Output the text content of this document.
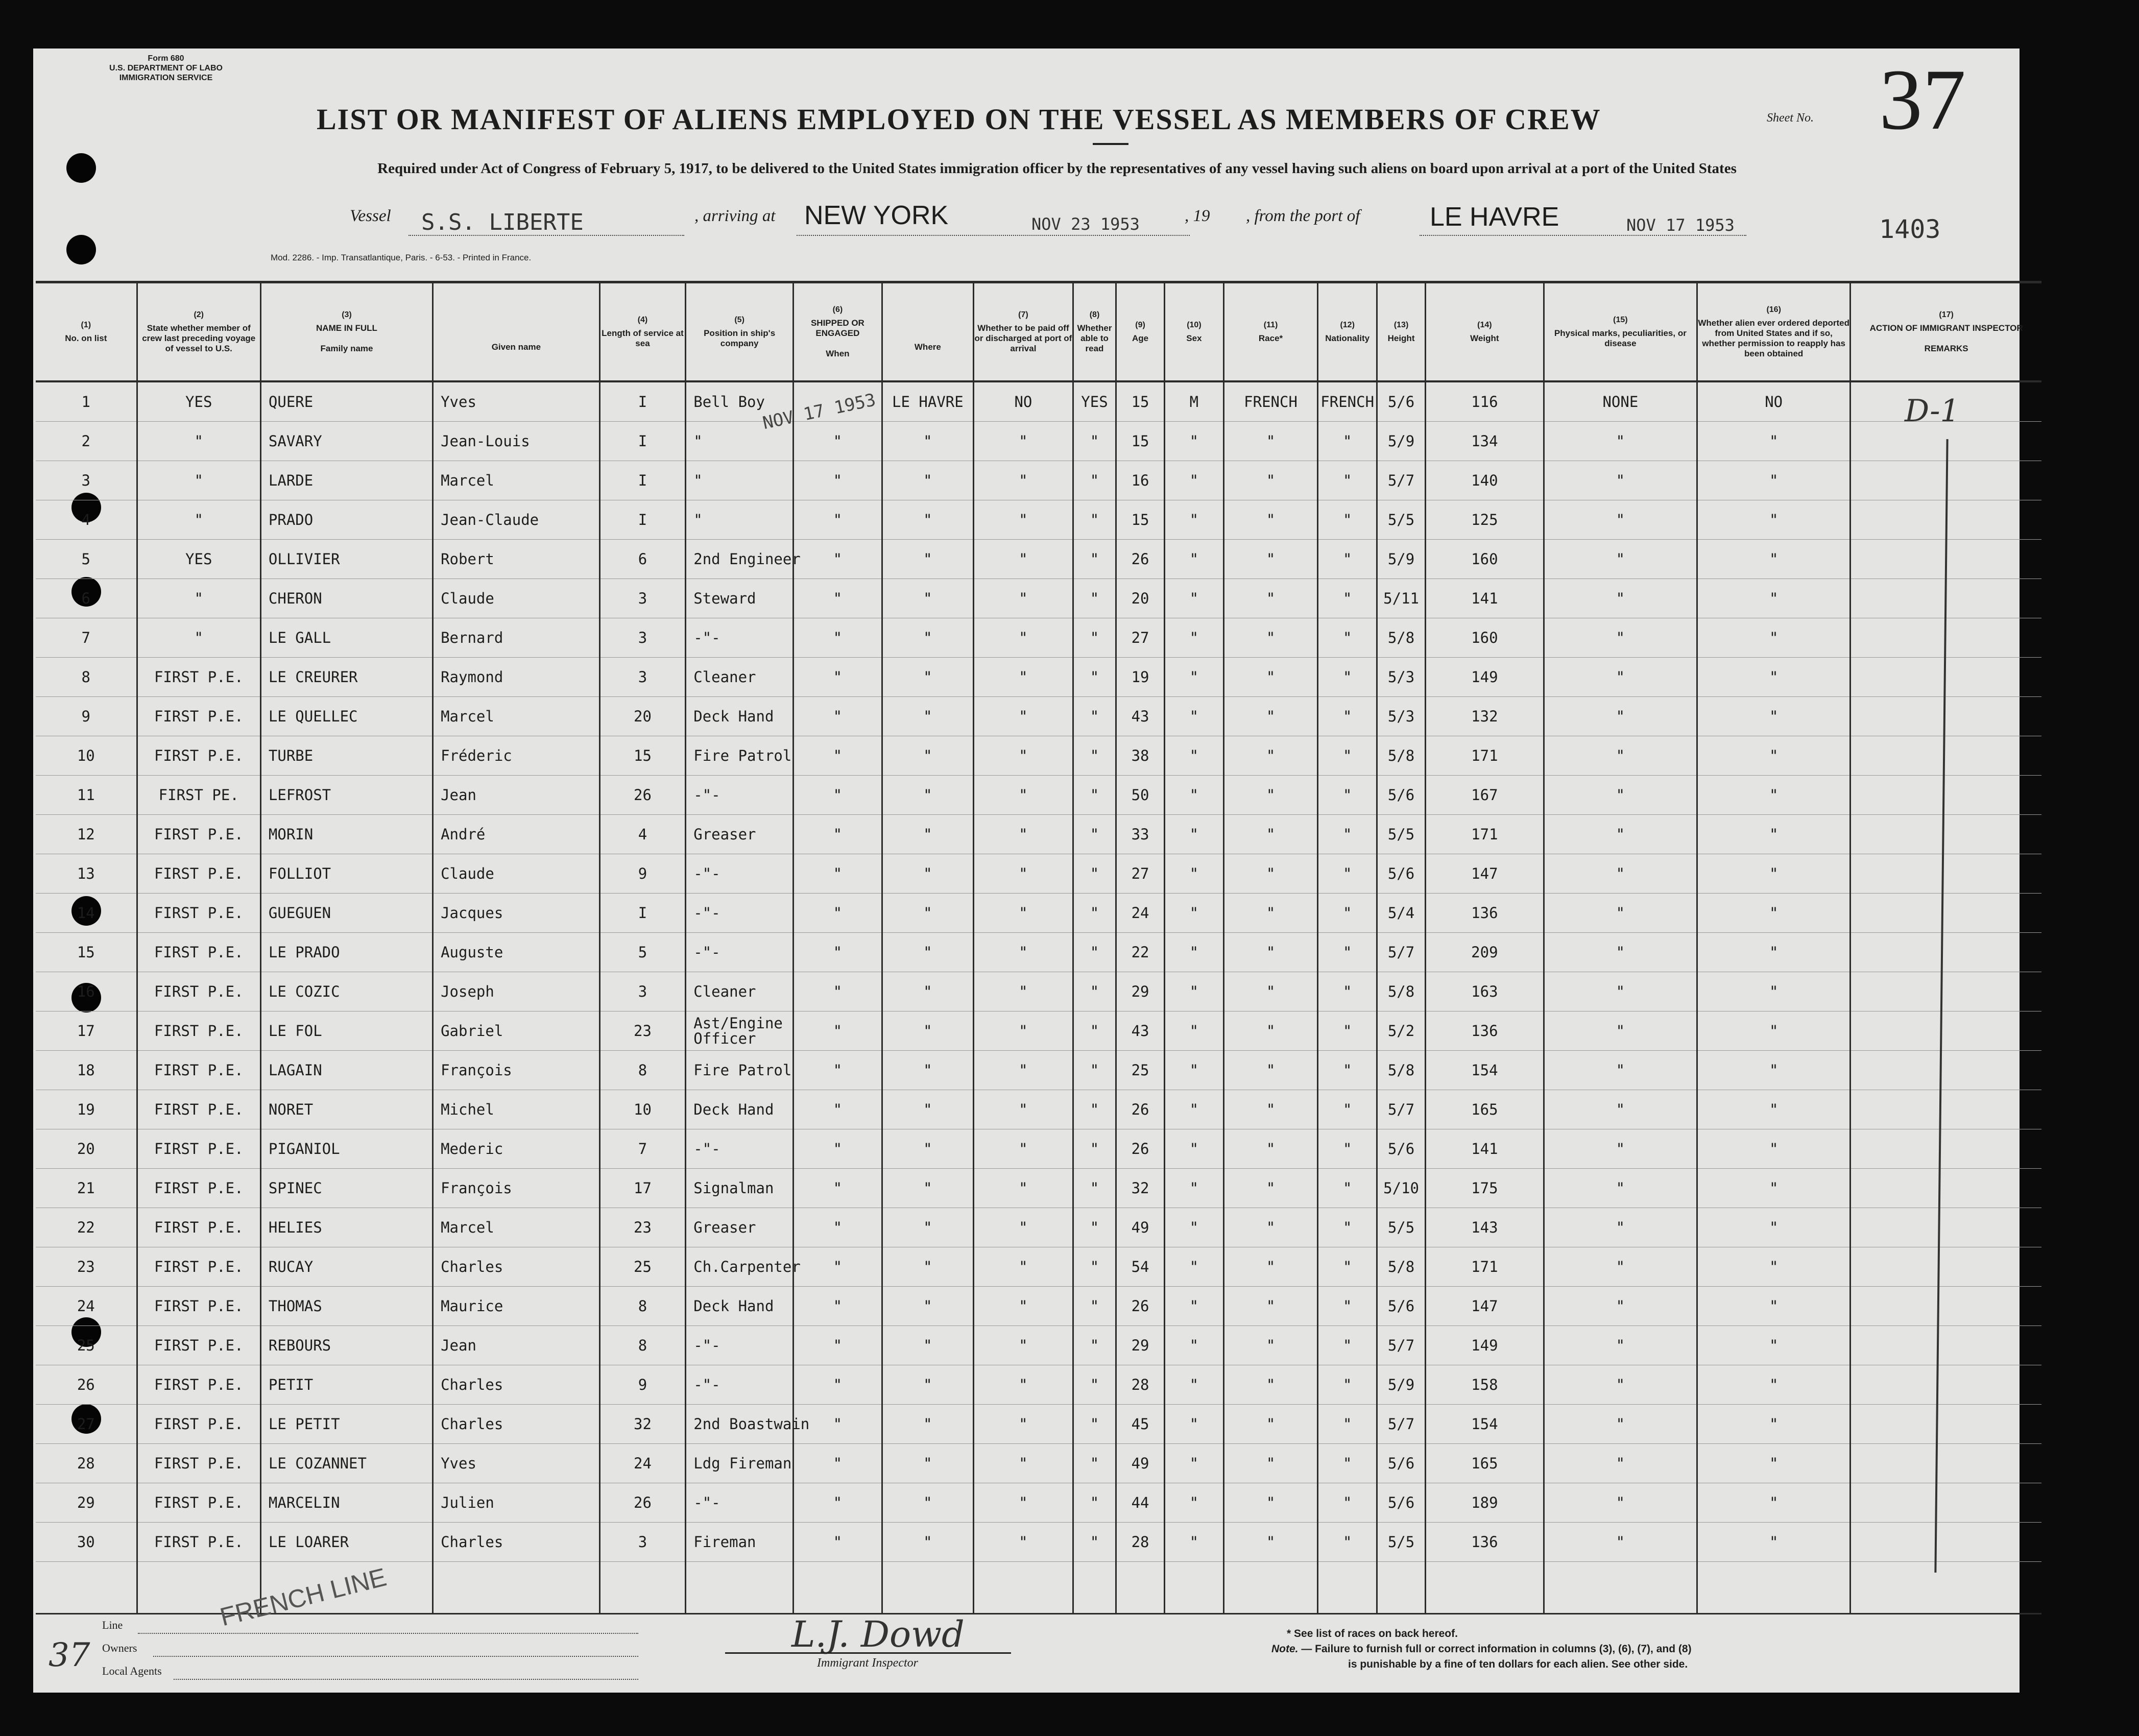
Form 680
U.S. DEPARTMENT OF LABO
IMMIGRATION SERVICE
LIST OR MANIFEST OF ALIENS EMPLOYED ON THE VESSEL AS MEMBERS OF CREW	Sheet No. 37
Required under Act of Congress of February 5, 1917, to be delivered to the United States immigration officer by the representatives of any vessel having such aliens on board upon arrival at a port of the United States
Vessel S.S. LIBERTE	, arriving at NEW YORK	NOV 23 1953	, 19 , from the port of	LE HAVRE	NOV 17 1953	1403
Mod. 2286. - Imp. Transatlantique, Paris. - 6-53. - Printed in France.
(1)
No. on list	(2)
State whether member of crew last preceding voyage of vessel to U.S.	(3)
NAME IN FULL

Family name	Given name	(4)
Length of service at sea	(5)
Position in ship's company	(6)
SHIPPED OR ENGAGED

When	Where	(7)
Whether to be paid off or discharged at port of arrival	(8)
Whether able to read	(9)
Age	(10)
Sex	(11)
Race*	(12)
Nationality	(13)
Height	(14)
Weight	(15)
Physical marks, peculiarities, or disease	(16)
Whether alien ever ordered deported from United States and if so, whether permission to reapply has been obtained	(17)
ACTION OF IMMIGRANT INSPECTOR

REMARKS
1	YES	QUERE	Yves	I	Bell Boy		LE HAVRE	NO	YES	15	M	FRENCH	FRENCH	5/6	116	NONE	NO	
2	"	SAVARY	Jean-Louis	I	"	"	"	"	"	15	"	"	"	5/9	134	"	"	
3	"	LARDE	Marcel	I	"	"	"	"	"	16	"	"	"	5/7	140	"	"	
4	"	PRADO	Jean-Claude	I	"	"	"	"	"	15	"	"	"	5/5	125	"	"	
5	YES	OLLIVIER	Robert	6	2nd Engineer	"	"	"	"	26	"	"	"	5/9	160	"	"	
6	"	CHERON	Claude	3	Steward	"	"	"	"	20	"	"	"	5/11	141	"	"	
7	"	LE GALL	Bernard	3	-"-	"	"	"	"	27	"	"	"	5/8	160	"	"	
8	FIRST P.E.	LE CREURER	Raymond	3	Cleaner	"	"	"	"	19	"	"	"	5/3	149	"	"	
9	FIRST P.E.	LE QUELLEC	Marcel	20	Deck Hand	"	"	"	"	43	"	"	"	5/3	132	"	"	
10	FIRST P.E.	TURBE	Fréderic	15	Fire Patrol	"	"	"	"	38	"	"	"	5/8	171	"	"	
11	FIRST PE.	LEFROST	Jean	26	-"-	"	"	"	"	50	"	"	"	5/6	167	"	"	
12	FIRST P.E.	MORIN	André	4	Greaser	"	"	"	"	33	"	"	"	5/5	171	"	"	
13	FIRST P.E.	FOLLIOT	Claude	9	-"-	"	"	"	"	27	"	"	"	5/6	147	"	"	
14	FIRST P.E.	GUEGUEN	Jacques	I	-"-	"	"	"	"	24	"	"	"	5/4	136	"	"	
15	FIRST P.E.	LE PRADO	Auguste	5	-"-	"	"	"	"	22	"	"	"	5/7	209	"	"	
16	FIRST P.E.	LE COZIC	Joseph	3	Cleaner	"	"	"	"	29	"	"	"	5/8	163	"	"	
17	FIRST P.E.	LE FOL	Gabriel	23	Ast/Engine Officer	"	"	"	"	43	"	"	"	5/2	136	"	"	
18	FIRST P.E.	LAGAIN	François	8	Fire Patrol	"	"	"	"	25	"	"	"	5/8	154	"	"	
19	FIRST P.E.	NORET	Michel	10	Deck Hand	"	"	"	"	26	"	"	"	5/7	165	"	"	
20	FIRST P.E.	PIGANIOL	Mederic	7	-"-	"	"	"	"	26	"	"	"	5/6	141	"	"	
21	FIRST P.E.	SPINEC	François	17	Signalman	"	"	"	"	32	"	"	"	5/10	175	"	"	
22	FIRST P.E.	HELIES	Marcel	23	Greaser	"	"	"	"	49	"	"	"	5/5	143	"	"	
23	FIRST P.E.	RUCAY	Charles	25	Ch.Carpenter	"	"	"	"	54	"	"	"	5/8	171	"	"	
24	FIRST P.E.	THOMAS	Maurice	8	Deck Hand	"	"	"	"	26	"	"	"	5/6	147	"	"	
25	FIRST P.E.	REBOURS	Jean	8	-"-	"	"	"	"	29	"	"	"	5/7	149	"	"	
26	FIRST P.E.	PETIT	Charles	9	-"-	"	"	"	"	28	"	"	"	5/9	158	"	"	
27	FIRST P.E.	LE PETIT	Charles	32	2nd Boastwain	"	"	"	"	45	"	"	"	5/7	154	"	"	
28	FIRST P.E.	LE COZANNET	Yves	24	Ldg Fireman	"	"	"	"	49	"	"	"	5/6	165	"	"	
29	FIRST P.E.	MARCELIN	Julien	26	-"-	"	"	"	"	44	"	"	"	5/6	189	"	"	
30	FIRST P.E.	LE LOARER	Charles	3	Fireman	"	"	"	"	28	"	"	"	5/5	136	"	"	

NOV 17 1953	D-1
Line
Owners
Local Agents
FRENCH LINE
37	L.J. Dowd
Immigrant Inspector
* See list of races on back hereof.
Note. — Failure to furnish full or correct information in columns (3), (6), (7), and (8)
is punishable by a fine of ten dollars for each alien. See other side.
